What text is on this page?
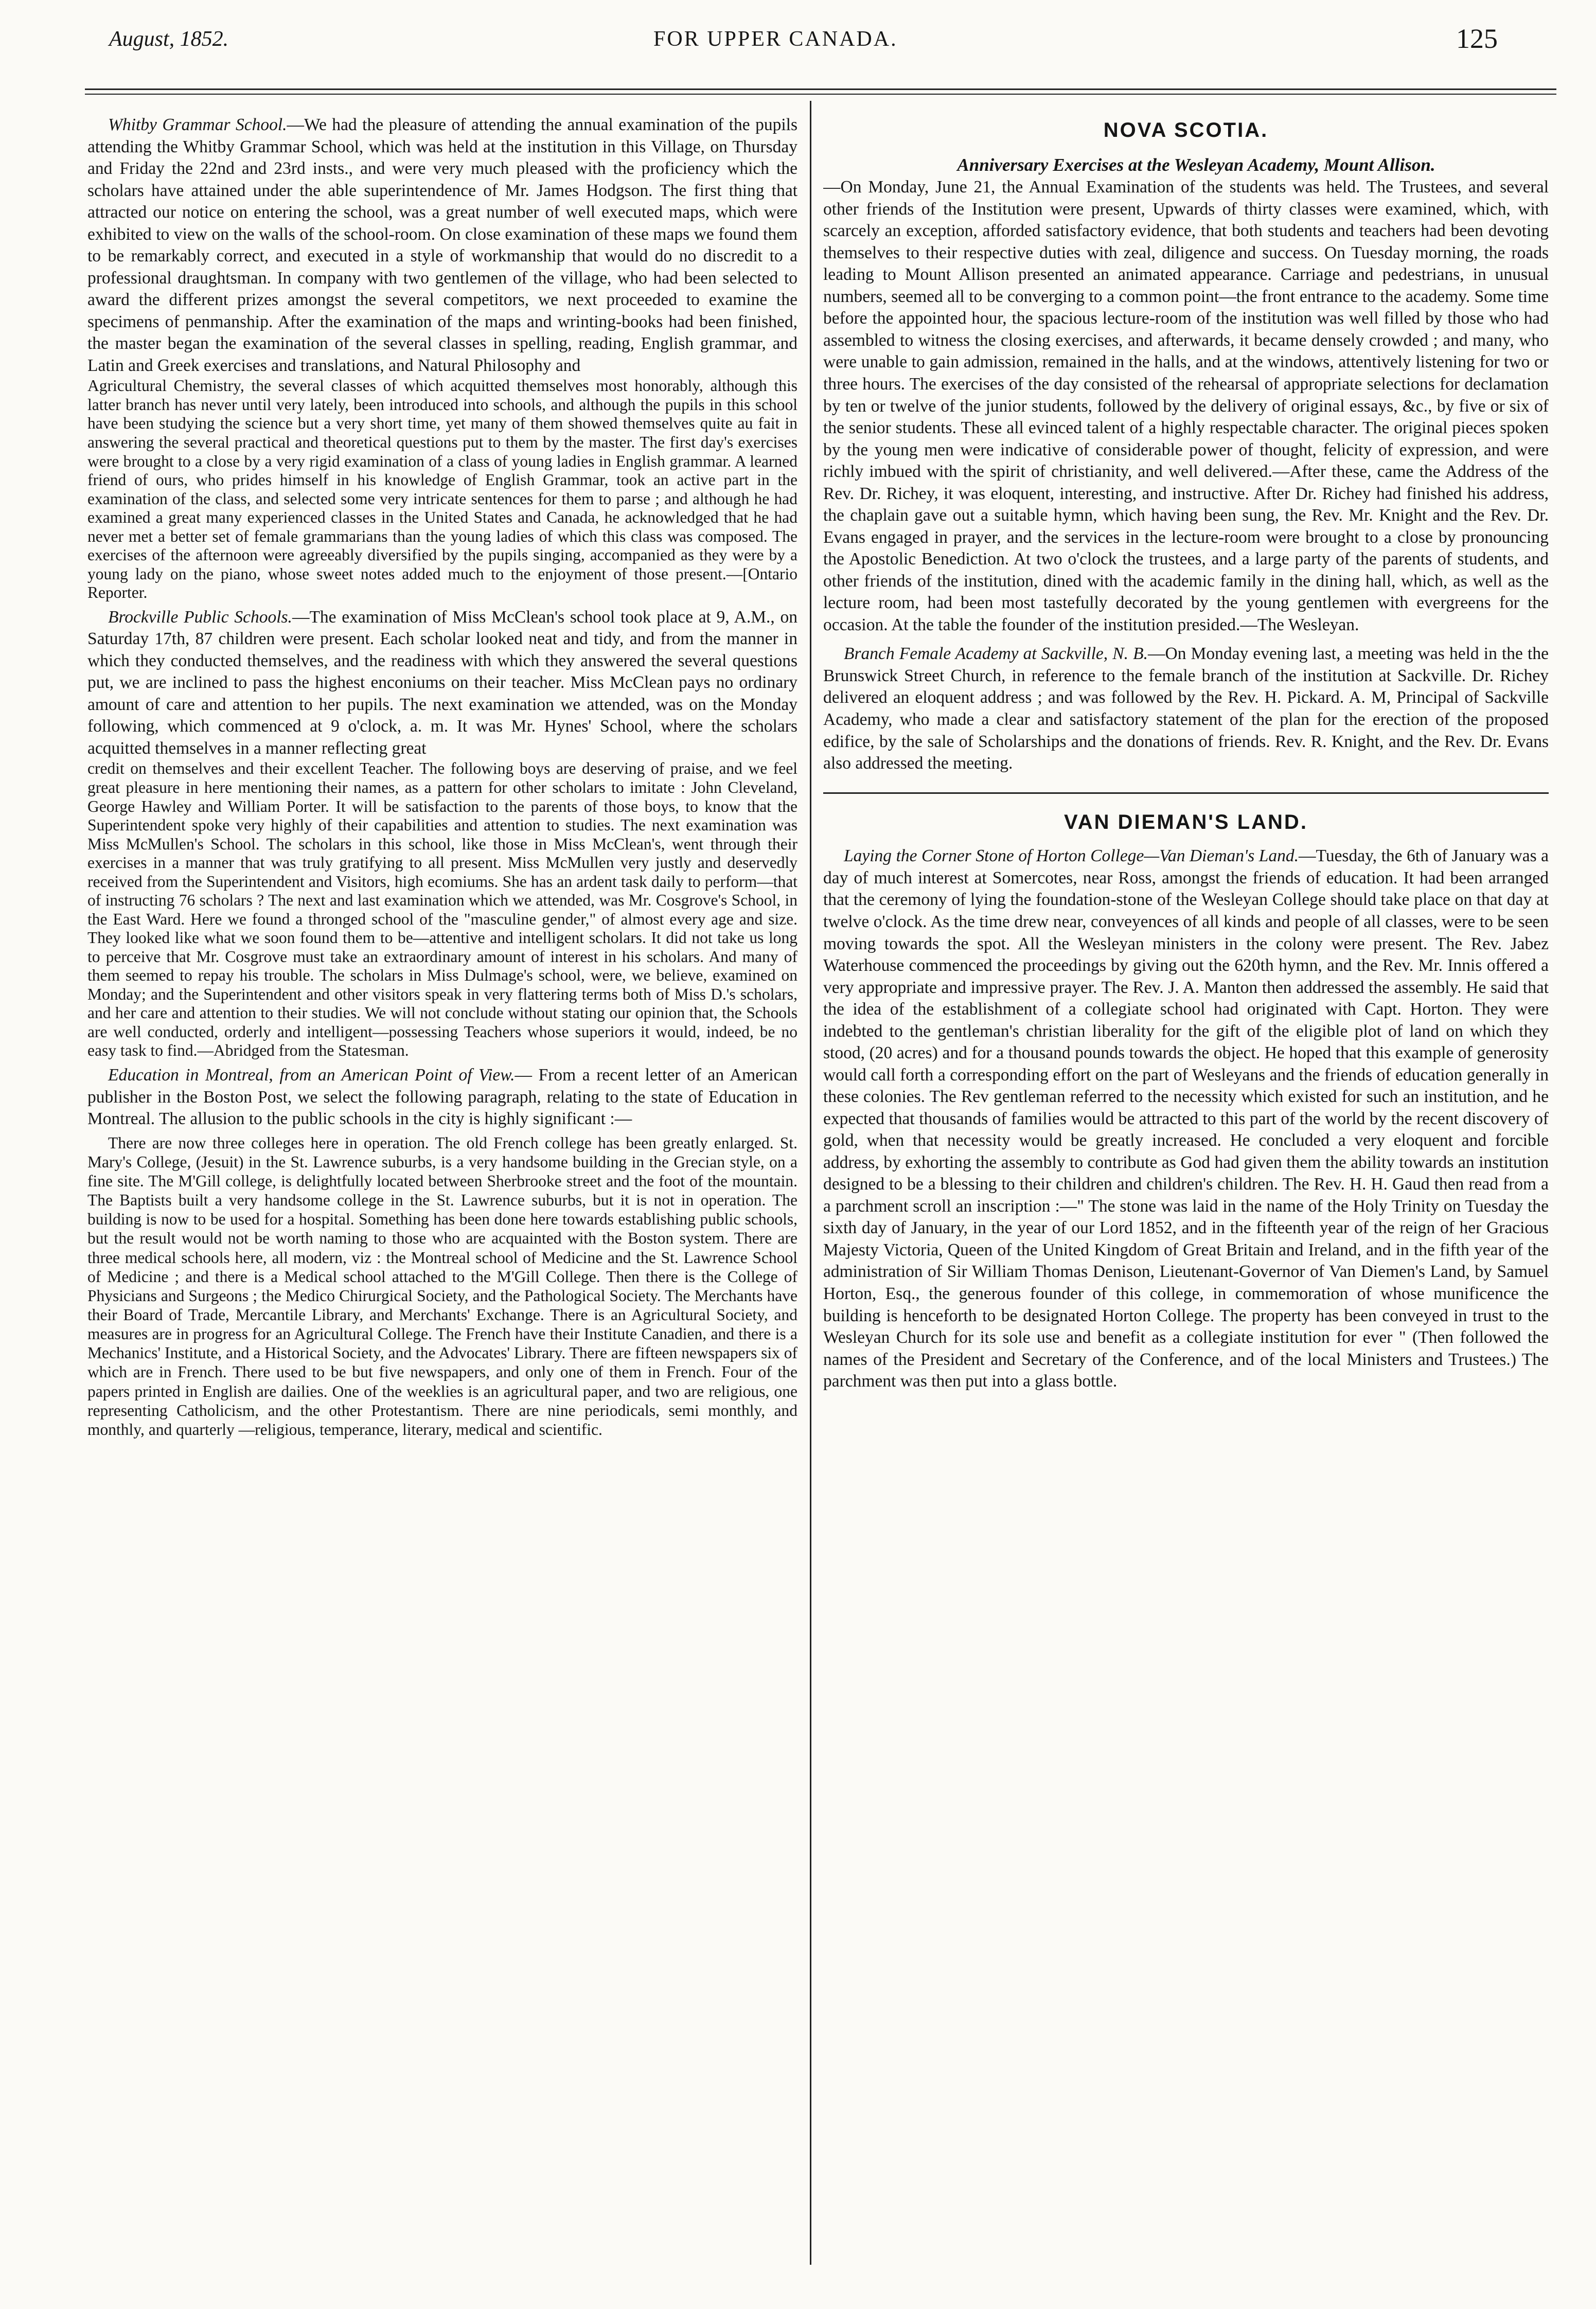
August, 1852.	FOR UPPER CANADA.	125

Whitby Grammar School.—We had the pleasure of attending the annual examination of the pupils attending the Whitby Grammar School, which was held at the institution in this Village, on Thursday and Friday the 22nd and 23rd insts., and were very much pleased with the proficiency which the scholars have attained under the able superintendence of Mr. James Hodgson. The first thing that attracted our notice on entering the school, was a great number of well executed maps, which were exhibited to view on the walls of the school-room. On close examination of these maps we found them to be remarkably correct, and executed in a style of workmanship that would do no discredit to a professional draughtsman. In company with two gentlemen of the village, who had been selected to award the different prizes amongst the several competitors, we next proceeded to examine the specimens of penmanship. After the examination of the maps and wrinting-books had been finished, the master began the examination of the several classes in spelling, reading, English grammar, and Latin and Greek exercises and translations, and Natural Philosophy and

Agricultural Chemistry, the several classes of which acquitted themselves most honorably, although this latter branch has never until very lately, been introduced into schools, and although the pupils in this school have been studying the science but a very short time, yet many of them showed themselves quite au fait in answering the several practical and theoretical questions put to them by the master. The first day's exercises were brought to a close by a very rigid examination of a class of young ladies in English grammar. A learned friend of ours, who prides himself in his knowledge of English Grammar, took an active part in the examination of the class, and selected some very intricate sentences for them to parse ; and although he had examined a great many experienced classes in the United States and Canada, he acknowledged that he had never met a better set of female grammarians than the young ladies of which this class was composed. The exercises of the afternoon were agreeably diversified by the pupils singing, accompanied as they were by a young lady on the piano, whose sweet notes added much to the enjoyment of those present.—[Ontario Reporter.

Brockville Public Schools.—The examination of Miss McClean's school took place at 9, A.M., on Saturday 17th, 87 children were present. Each scholar looked neat and tidy, and from the manner in which they conducted themselves, and the readiness with which they answered the several questions put, we are inclined to pass the highest enconiums on their teacher. Miss McClean pays no ordinary amount of care and attention to her pupils. The next examination we attended, was on the Monday following, which commenced at 9 o'clock, a. m. It was Mr. Hynes' School, where the scholars acquitted themselves in a manner reflecting great

credit on themselves and their excellent Teacher. The following boys are deserving of praise, and we feel great pleasure in here mentioning their names, as a pattern for other scholars to imitate : John Cleveland, George Hawley and William Porter. It will be satisfaction to the parents of those boys, to know that the Superintendent spoke very highly of their capabilities and attention to studies. The next examination was Miss McMullen's School. The scholars in this school, like those in Miss McClean's, went through their exercises in a manner that was truly gratifying to all present. Miss McMullen very justly and deservedly received from the Superintendent and Visitors, high ecomiums. She has an ardent task daily to perform—that of instructing 76 scholars ? The next and last examination which we attended, was Mr. Cosgrove's School, in the East Ward. Here we found a thronged school of the "masculine gender," of almost every age and size. They looked like what we soon found them to be—attentive and intelligent scholars. It did not take us long to perceive that Mr. Cosgrove must take an extraordinary amount of interest in his scholars. And many of them seemed to repay his trouble. The scholars in Miss Dulmage's school, were, we believe, examined on Monday; and the Superintendent and other visitors speak in very flattering terms both of Miss D.'s scholars, and her care and attention to their studies. We will not conclude without stating our opinion that, the Schools are well conducted, orderly and intelligent—possessing Teachers whose superiors it would, indeed, be no easy task to find.—Abridged from the Statesman.

Education in Montreal, from an American Point of View.— From a recent letter of an American publisher in the Boston Post, we select the following paragraph, relating to the state of Education in Montreal. The allusion to the public schools in the city is highly significant :—

There are now three colleges here in operation. The old French college has been greatly enlarged. St. Mary's College, (Jesuit) in the St. Lawrence suburbs, is a very handsome building in the Grecian style, on a fine site. The M'Gill college, is delightfully located between Sherbrooke street and the foot of the mountain. The Baptists built a very handsome college in the St. Lawrence suburbs, but it is not in operation. The building is now to be used for a hospital. Something has been done here towards establishing public schools, but the result would not be worth naming to those who are acquainted with the Boston system. There are three medical schools here, all modern, viz : the Montreal school of Medicine and the St. Lawrence School of Medicine ; and there is a Medical school attached to the M'Gill College. Then there is the College of Physicians and Surgeons ; the Medico Chirurgical Society, and the Pathological Society. The Merchants have their Board of Trade, Mercantile Library, and Merchants' Exchange. There is an Agricultural Society, and measures are in progress for an Agricultural College. The French have their Institute Canadien, and there is a Mechanics' Institute, and a Historical Society, and the Advocates' Library. There are fifteen newspapers six of which are in French. There used to be but five newspapers, and only one of them in French. Four of the papers printed in English are dailies. One of the weeklies is an agricultural paper, and two are religious, one representing Catholicism, and the other Protestantism. There are nine periodicals, semi monthly, and monthly, and quarterly —religious, temperance, literary, medical and scientific.

NOVA SCOTIA.

Anniversary Exercises at the Wesleyan Academy, Mount Allison.

—On Monday, June 21, the Annual Examination of the students was held. The Trustees, and several other friends of the Institution were present, Upwards of thirty classes were examined, which, with scarcely an exception, afforded satisfactory evidence, that both students and teachers had been devoting themselves to their respective duties with zeal, diligence and success. On Tuesday morning, the roads leading to Mount Allison presented an animated appearance. Carriage and pedestrians, in unusual numbers, seemed all to be converging to a common point—the front entrance to the academy. Some time before the appointed hour, the spacious lecture-room of the institution was well filled by those who had assembled to witness the closing exercises, and afterwards, it became densely crowded ; and many, who were unable to gain admission, remained in the halls, and at the windows, attentively listening for two or three hours. The exercises of the day consisted of the rehearsal of appropriate selections for declamation by ten or twelve of the junior students, followed by the delivery of original essays, &c., by five or six of the senior students. These all evinced talent of a highly respectable character. The original pieces spoken by the young men were indicative of considerable power of thought, felicity of expression, and were richly imbued with the spirit of christianity, and well delivered.—After these, came the Address of the Rev. Dr. Richey, it was eloquent, interesting, and instructive. After Dr. Richey had finished his address, the chaplain gave out a suitable hymn, which having been sung, the Rev. Mr. Knight and the Rev. Dr. Evans engaged in prayer, and the services in the lecture-room were brought to a close by pronouncing the Apostolic Benediction. At two o'clock the trustees, and a large party of the parents of students, and other friends of the institution, dined with the academic family in the dining hall, which, as well as the lecture room, had been most tastefully decorated by the young gentlemen with evergreens for the occasion. At the table the founder of the institution presided.—The Wesleyan.

Branch Female Academy at Sackville, N. B.—On Monday evening last, a meeting was held in the the Brunswick Street Church, in reference to the female branch of the institution at Sackville. Dr. Richey delivered an eloquent address ; and was followed by the Rev. H. Pickard. A. M, Principal of Sackville Academy, who made a clear and satisfactory statement of the plan for the erection of the proposed edifice, by the sale of Scholarships and the donations of friends. Rev. R. Knight, and the Rev. Dr. Evans also addressed the meeting.

VAN DIEMAN'S LAND.

Laying the Corner Stone of Horton College—Van Dieman's Land.—Tuesday, the 6th of January was a day of much interest at Somercotes, near Ross, amongst the friends of education. It had been arranged that the ceremony of lying the foundation-stone of the Wesleyan College should take place on that day at twelve o'clock. As the time drew near, conveyences of all kinds and people of all classes, were to be seen moving towards the spot. All the Wesleyan ministers in the colony were present. The Rev. Jabez Waterhouse commenced the proceedings by giving out the 620th hymn, and the Rev. Mr. Innis offered a very appropriate and impressive prayer. The Rev. J. A. Manton then addressed the assembly. He said that the idea of the establishment of a collegiate school had originated with Capt. Horton. They were indebted to the gentleman's christian liberality for the gift of the eligible plot of land on which they stood, (20 acres) and for a thousand pounds towards the object. He hoped that this example of generosity would call forth a corresponding effort on the part of Wesleyans and the friends of education generally in these colonies. The Rev gentleman referred to the necessity which existed for such an institution, and he expected that thousands of families would be attracted to this part of the world by the recent discovery of gold, when that necessity would be greatly increased. He concluded a very eloquent and forcible address, by exhorting the assembly to contribute as God had given them the ability towards an institution designed to be a blessing to their children and children's children. The Rev. H. H. Gaud then read from a a parchment scroll an inscription :—" The stone was laid in the name of the Holy Trinity on Tuesday the sixth day of January, in the year of our Lord 1852, and in the fifteenth year of the reign of her Gracious Majesty Victoria, Queen of the United Kingdom of Great Britain and Ireland, and in the fifth year of the administration of Sir William Thomas Denison, Lieutenant-Governor of Van Diemen's Land, by Samuel Horton, Esq., the generous founder of this college, in commemoration of whose munificence the building is henceforth to be designated Horton College. The property has been conveyed in trust to the Wesleyan Church for its sole use and benefit as a collegiate institution for ever " (Then followed the names of the President and Secretary of the Conference, and of the local Ministers and Trustees.) The parchment was then put into a glass bottle.
